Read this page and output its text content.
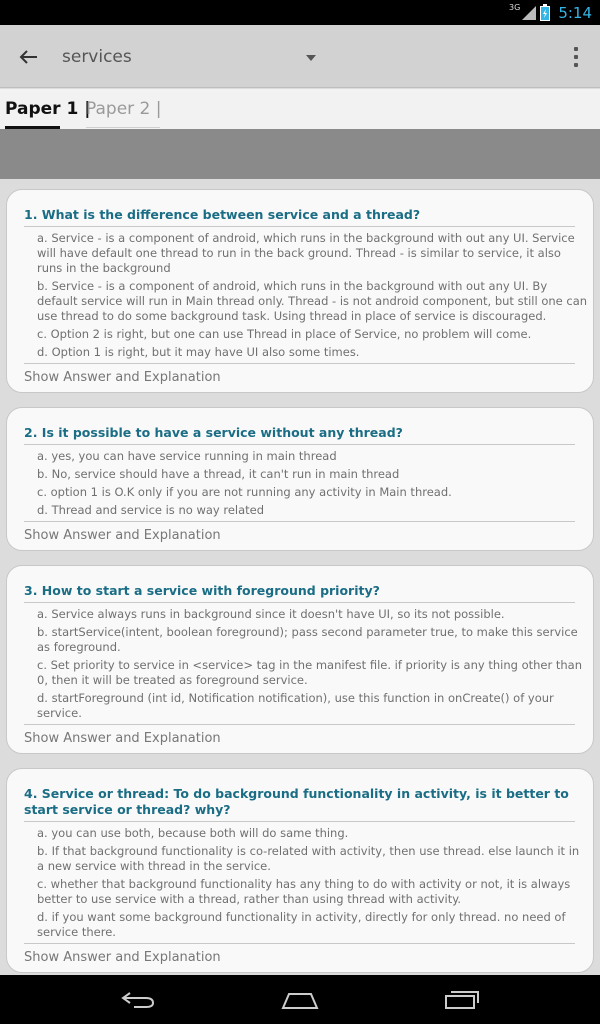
3G	5:14
services
Paper 1 |
Paper 2 |
1. What is the difference between service and a thread?
a. Service - is a component of android, which runs in the background with out any UI. Service will have default one thread to run in the back ground. Thread - is similar to service, it also runs in the background
b. Service - is a component of android, which runs in the background with out any UI. By default service will run in Main thread only. Thread - is not android component, but still one can use thread to do some background task. Using thread in place of service is discouraged.
c. Option 2 is right, but one can use Thread in place of Service, no problem will come.
d. Option 1 is right, but it may have UI also some times.
Show Answer and Explanation
2. Is it possible to have a service without any thread?
a. yes, you can have service running in main thread
b. No, service should have a thread, it can't run in main thread
c. option 1 is O.K only if you are not running any activity in Main thread.
d. Thread and service is no way related
Show Answer and Explanation
3. How to start a service with foreground priority?
a. Service always runs in background since it doesn't have UI, so its not possible.
b. startService(intent, boolean foreground); pass second parameter true, to make this service as foreground.
c. Set priority to service in <service> tag in the manifest file. if priority is any thing other than 0, then it will be treated as foreground service.
d. startForeground (int id, Notification notification), use this function in onCreate() of your service.
Show Answer and Explanation
4. Service or thread: To do background functionality in activity, is it better to start service or thread? why?
a. you can use both, because both will do same thing.
b. If that background functionality is co-related with activity, then use thread. else launch it in a new service with thread in the service.
c. whether that background functionality has any thing to do with activity or not, it is always better to use service with a thread, rather than using thread with activity.
d. if you want some background functionality in activity, directly for only thread. no need of service there.
Show Answer and Explanation
